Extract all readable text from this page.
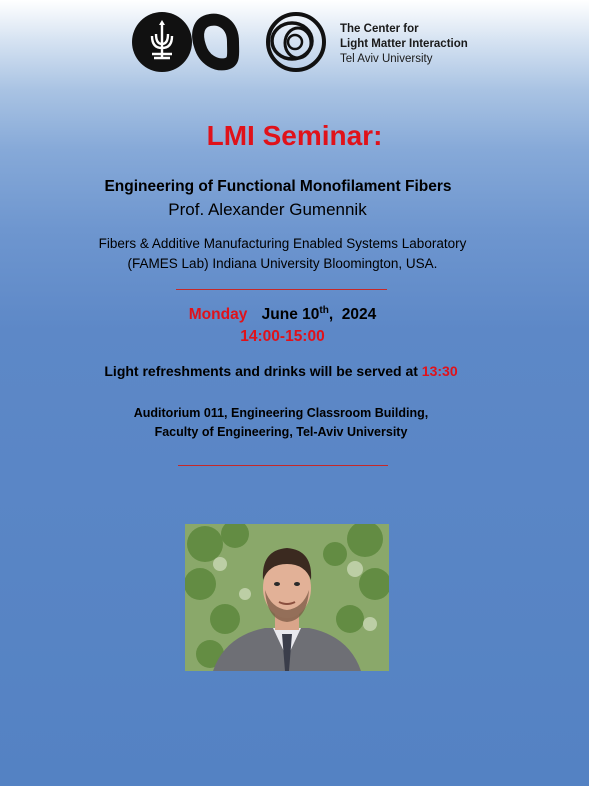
The Center for
Light Matter Interaction
Tel Aviv University
LMI Seminar:
Engineering of Functional Monofilament Fibers
Prof. Alexander Gumennik
Fibers & Additive Manufacturing Enabled Systems Laboratory
(FAMES Lab) Indiana University Bloomington, USA.
Monday June 10th,  2024
14:00-15:00
Light refreshments and drinks will be served at 13:30
Auditorium 011, Engineering Classroom Building,
Faculty of Engineering, Tel-Aviv University
